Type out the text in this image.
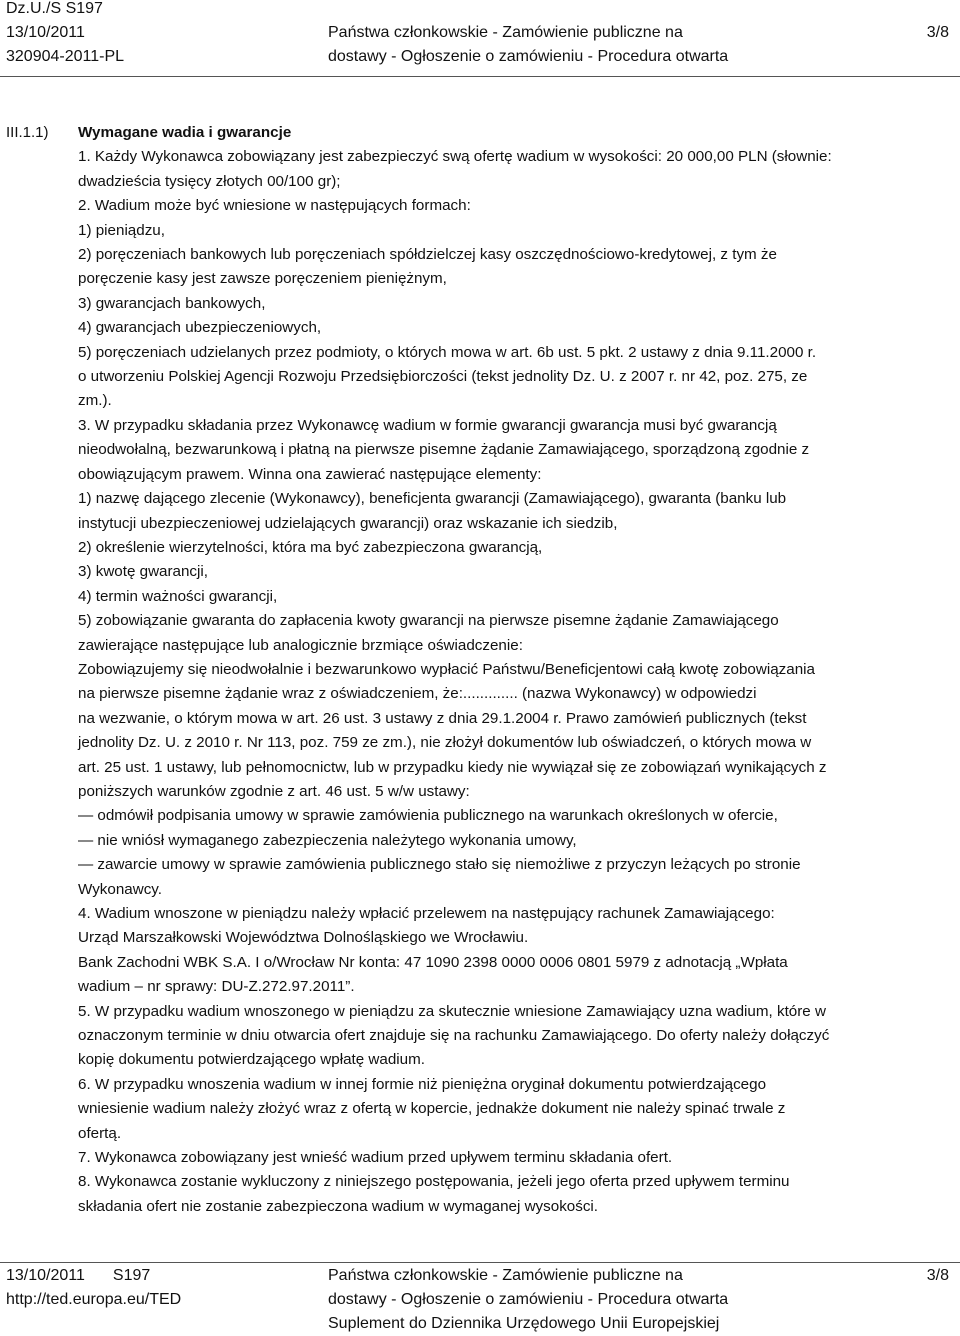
Dz.U./S S197
13/10/2011
320904-2011-PL
Państwa członkowskie - Zamówienie publiczne na
dostawy - Ogłoszenie o zamówieniu - Procedura otwarta
3/8
III.1.1) Wymagane wadia i gwarancje

1. Każdy Wykonawca zobowiązany jest zabezpieczyć swą ofertę wadium w wysokości: 20 000,00 PLN (słownie:

dwadzieścia tysięcy złotych 00/100 gr);

2. Wadium może być wniesione w następujących formach:

1) pieniądzu,

2) poręczeniach bankowych lub poręczeniach spółdzielczej kasy oszczędnościowo-kredytowej, z tym że

poręczenie kasy jest zawsze poręczeniem pieniężnym,

3) gwarancjach bankowych,

4) gwarancjach ubezpieczeniowych,

5) poręczeniach udzielanych przez podmioty, o których mowa w art. 6b ust. 5 pkt. 2 ustawy z dnia 9.11.2000 r.

o utworzeniu Polskiej Agencji Rozwoju Przedsiębiorczości (tekst jednolity Dz. U. z 2007 r. nr 42, poz. 275, ze

zm.).

3. W przypadku składania przez Wykonawcę wadium w formie gwarancji gwarancja musi być gwarancją

nieodwołalną, bezwarunkową i płatną na pierwsze pisemne żądanie Zamawiającego, sporządzoną zgodnie z

obowiązującym prawem. Winna ona zawierać następujące elementy:

1) nazwę dającego zlecenie (Wykonawcy), beneficjenta gwarancji (Zamawiającego), gwaranta (banku lub

instytucji ubezpieczeniowej udzielających gwarancji) oraz wskazanie ich siedzib,

2) określenie wierzytelności, która ma być zabezpieczona gwarancją,

3) kwotę gwarancji,

4) termin ważności gwarancji,

5) zobowiązanie gwaranta do zapłacenia kwoty gwarancji na pierwsze pisemne żądanie Zamawiającego

zawierające następujące lub analogicznie brzmiące oświadczenie:

Zobowiązujemy się nieodwołalnie i bezwarunkowo wypłacić Państwu/Beneficjentowi całą kwotę zobowiązania

na pierwsze pisemne żądanie wraz z oświadczeniem, że:............. (nazwa Wykonawcy) w odpowiedzi

na wezwanie, o którym mowa w art. 26 ust. 3 ustawy z dnia 29.1.2004 r. Prawo zamówień publicznych (tekst

jednolity Dz. U. z 2010 r. Nr 113, poz. 759 ze zm.), nie złożył dokumentów lub oświadczeń, o których mowa w

art. 25 ust. 1 ustawy, lub pełnomocnictw, lub w przypadku kiedy nie wywiązał się ze zobowiązań wynikających z

poniższych warunków zgodnie z art. 46 ust. 5 w/w ustawy:

— odmówił podpisania umowy w sprawie zamówienia publicznego na warunkach określonych w ofercie,

— nie wniósł wymaganego zabezpieczenia należytego wykonania umowy,

— zawarcie umowy w sprawie zamówienia publicznego stało się niemożliwe z przyczyn leżących po stronie

Wykonawcy.

4. Wadium wnoszone w pieniądzu należy wpłacić przelewem na następujący rachunek Zamawiającego:

Urząd Marszałkowski Województwa Dolnośląskiego we Wrocławiu.

Bank Zachodni WBK S.A. I o/Wrocław Nr konta: 47 1090 2398 0000 0006 0801 5979 z adnotacją „Wpłata

wadium – nr sprawy: DU-Z.272.97.2011”.

5. W przypadku wadium wnoszonego w pieniądzu za skutecznie wniesione Zamawiający uzna wadium, które w

oznaczonym terminie w dniu otwarcia ofert znajduje się na rachunku Zamawiającego. Do oferty należy dołączyć

kopię dokumentu potwierdzającego wpłatę wadium.

6. W przypadku wnoszenia wadium w innej formie niż pieniężna oryginał dokumentu potwierdzającego

wniesienie wadium należy złożyć wraz z ofertą w kopercie, jednakże dokument nie należy spinać trwale z

ofertą.

7. Wykonawca zobowiązany jest wnieść wadium przed upływem terminu składania ofert.

8. Wykonawca zostanie wykluczony z niniejszego postępowania, jeżeli jego oferta przed upływem terminu

składania ofert nie zostanie zabezpieczona wadium w wymaganej wysokości.

13/10/2011 S197
http://ted.europa.eu/TED
Państwa członkowskie - Zamówienie publiczne na
dostawy - Ogłoszenie o zamówieniu - Procedura otwarta
Suplement do Dziennika Urzędowego Unii Europejskiej
3/8
